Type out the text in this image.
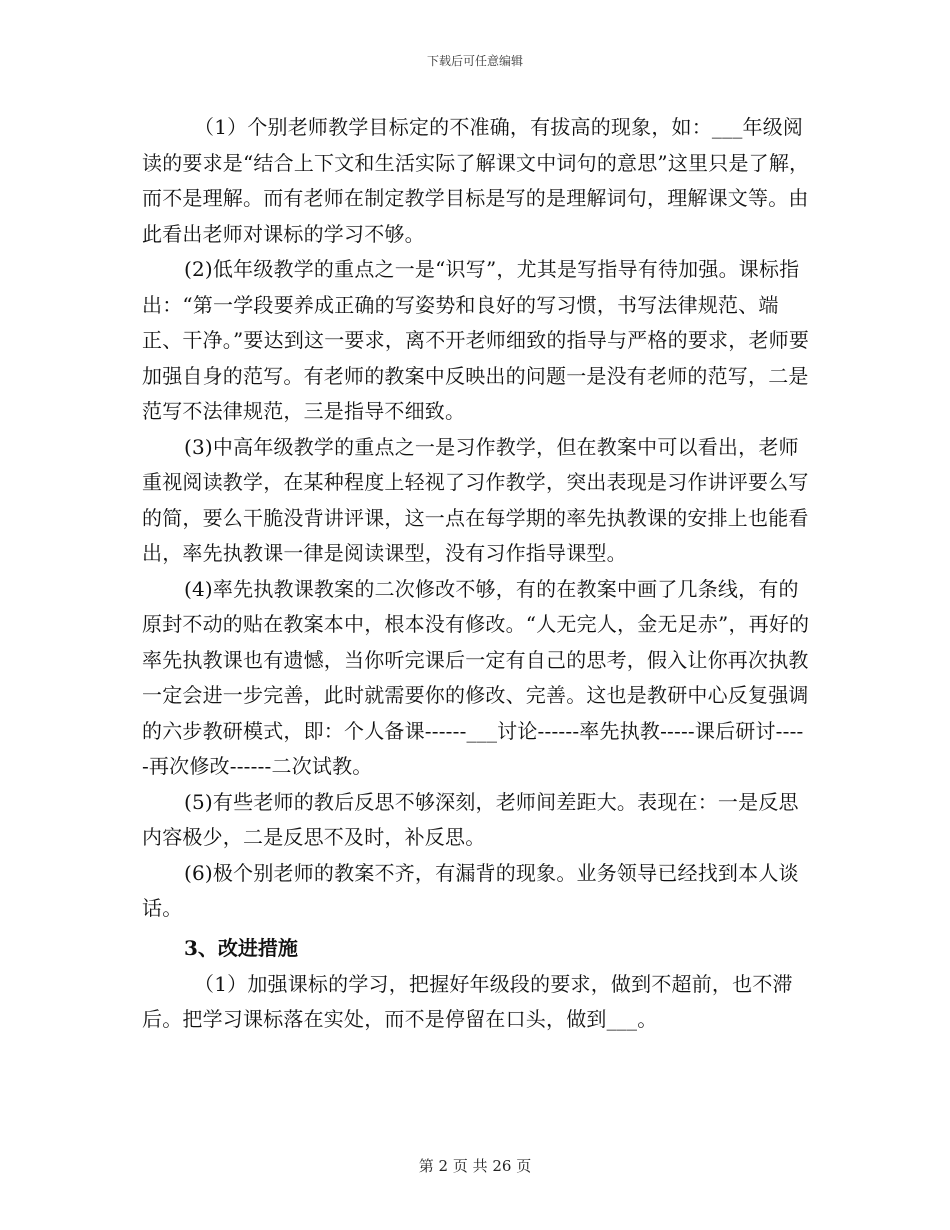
下载后可任意编辑

（1）个别老师教学目标定的不准确，有拔高的现象，如：___年级阅读的要求是“结合上下文和生活实际了解课文中词句的意思”这里只是了解，而不是理解。而有老师在制定教学目标是写的是理解词句，理解课文等。由此看出老师对课标的学习不够。

(2)低年级教学的重点之一是“识写”，尤其是写指导有待加强。课标指出：“第一学段要养成正确的写姿势和良好的写习惯，书写法律规范、端正、干净。”要达到这一要求，离不开老师细致的指导与严格的要求，老师要加强自身的范写。有老师的教案中反映出的问题一是没有老师的范写，二是范写不法律规范，三是指导不细致。

(3)中高年级教学的重点之一是习作教学，但在教案中可以看出，老师重视阅读教学，在某种程度上轻视了习作教学，突出表现是习作讲评要么写的简，要么干脆没背讲评课，这一点在每学期的率先执教课的安排上也能看出，率先执教课一律是阅读课型，没有习作指导课型。

(4)率先执教课教案的二次修改不够，有的在教案中画了几条线，有的原封不动的贴在教案本中，根本没有修改。“人无完人，金无足赤”，再好的率先执教课也有遗憾，当你听完课后一定有自己的思考，假入让你再次执教一定会进一步完善，此时就需要你的修改、完善。这也是教研中心反复强调的六步教研模式，即：个人备课------___讨论------率先执教-----课后研讨-----再次修改------二次试教。

(5)有些老师的教后反思不够深刻，老师间差距大。表现在：一是反思内容极少，二是反思不及时，补反思。

(6)极个别老师的教案不齐，有漏背的现象。业务领导已经找到本人谈话。

3、改进措施

（1）加强课标的学习，把握好年级段的要求，做到不超前，也不滞后。把学习课标落在实处，而不是停留在口头，做到___。

第 2 页 共 26 页
